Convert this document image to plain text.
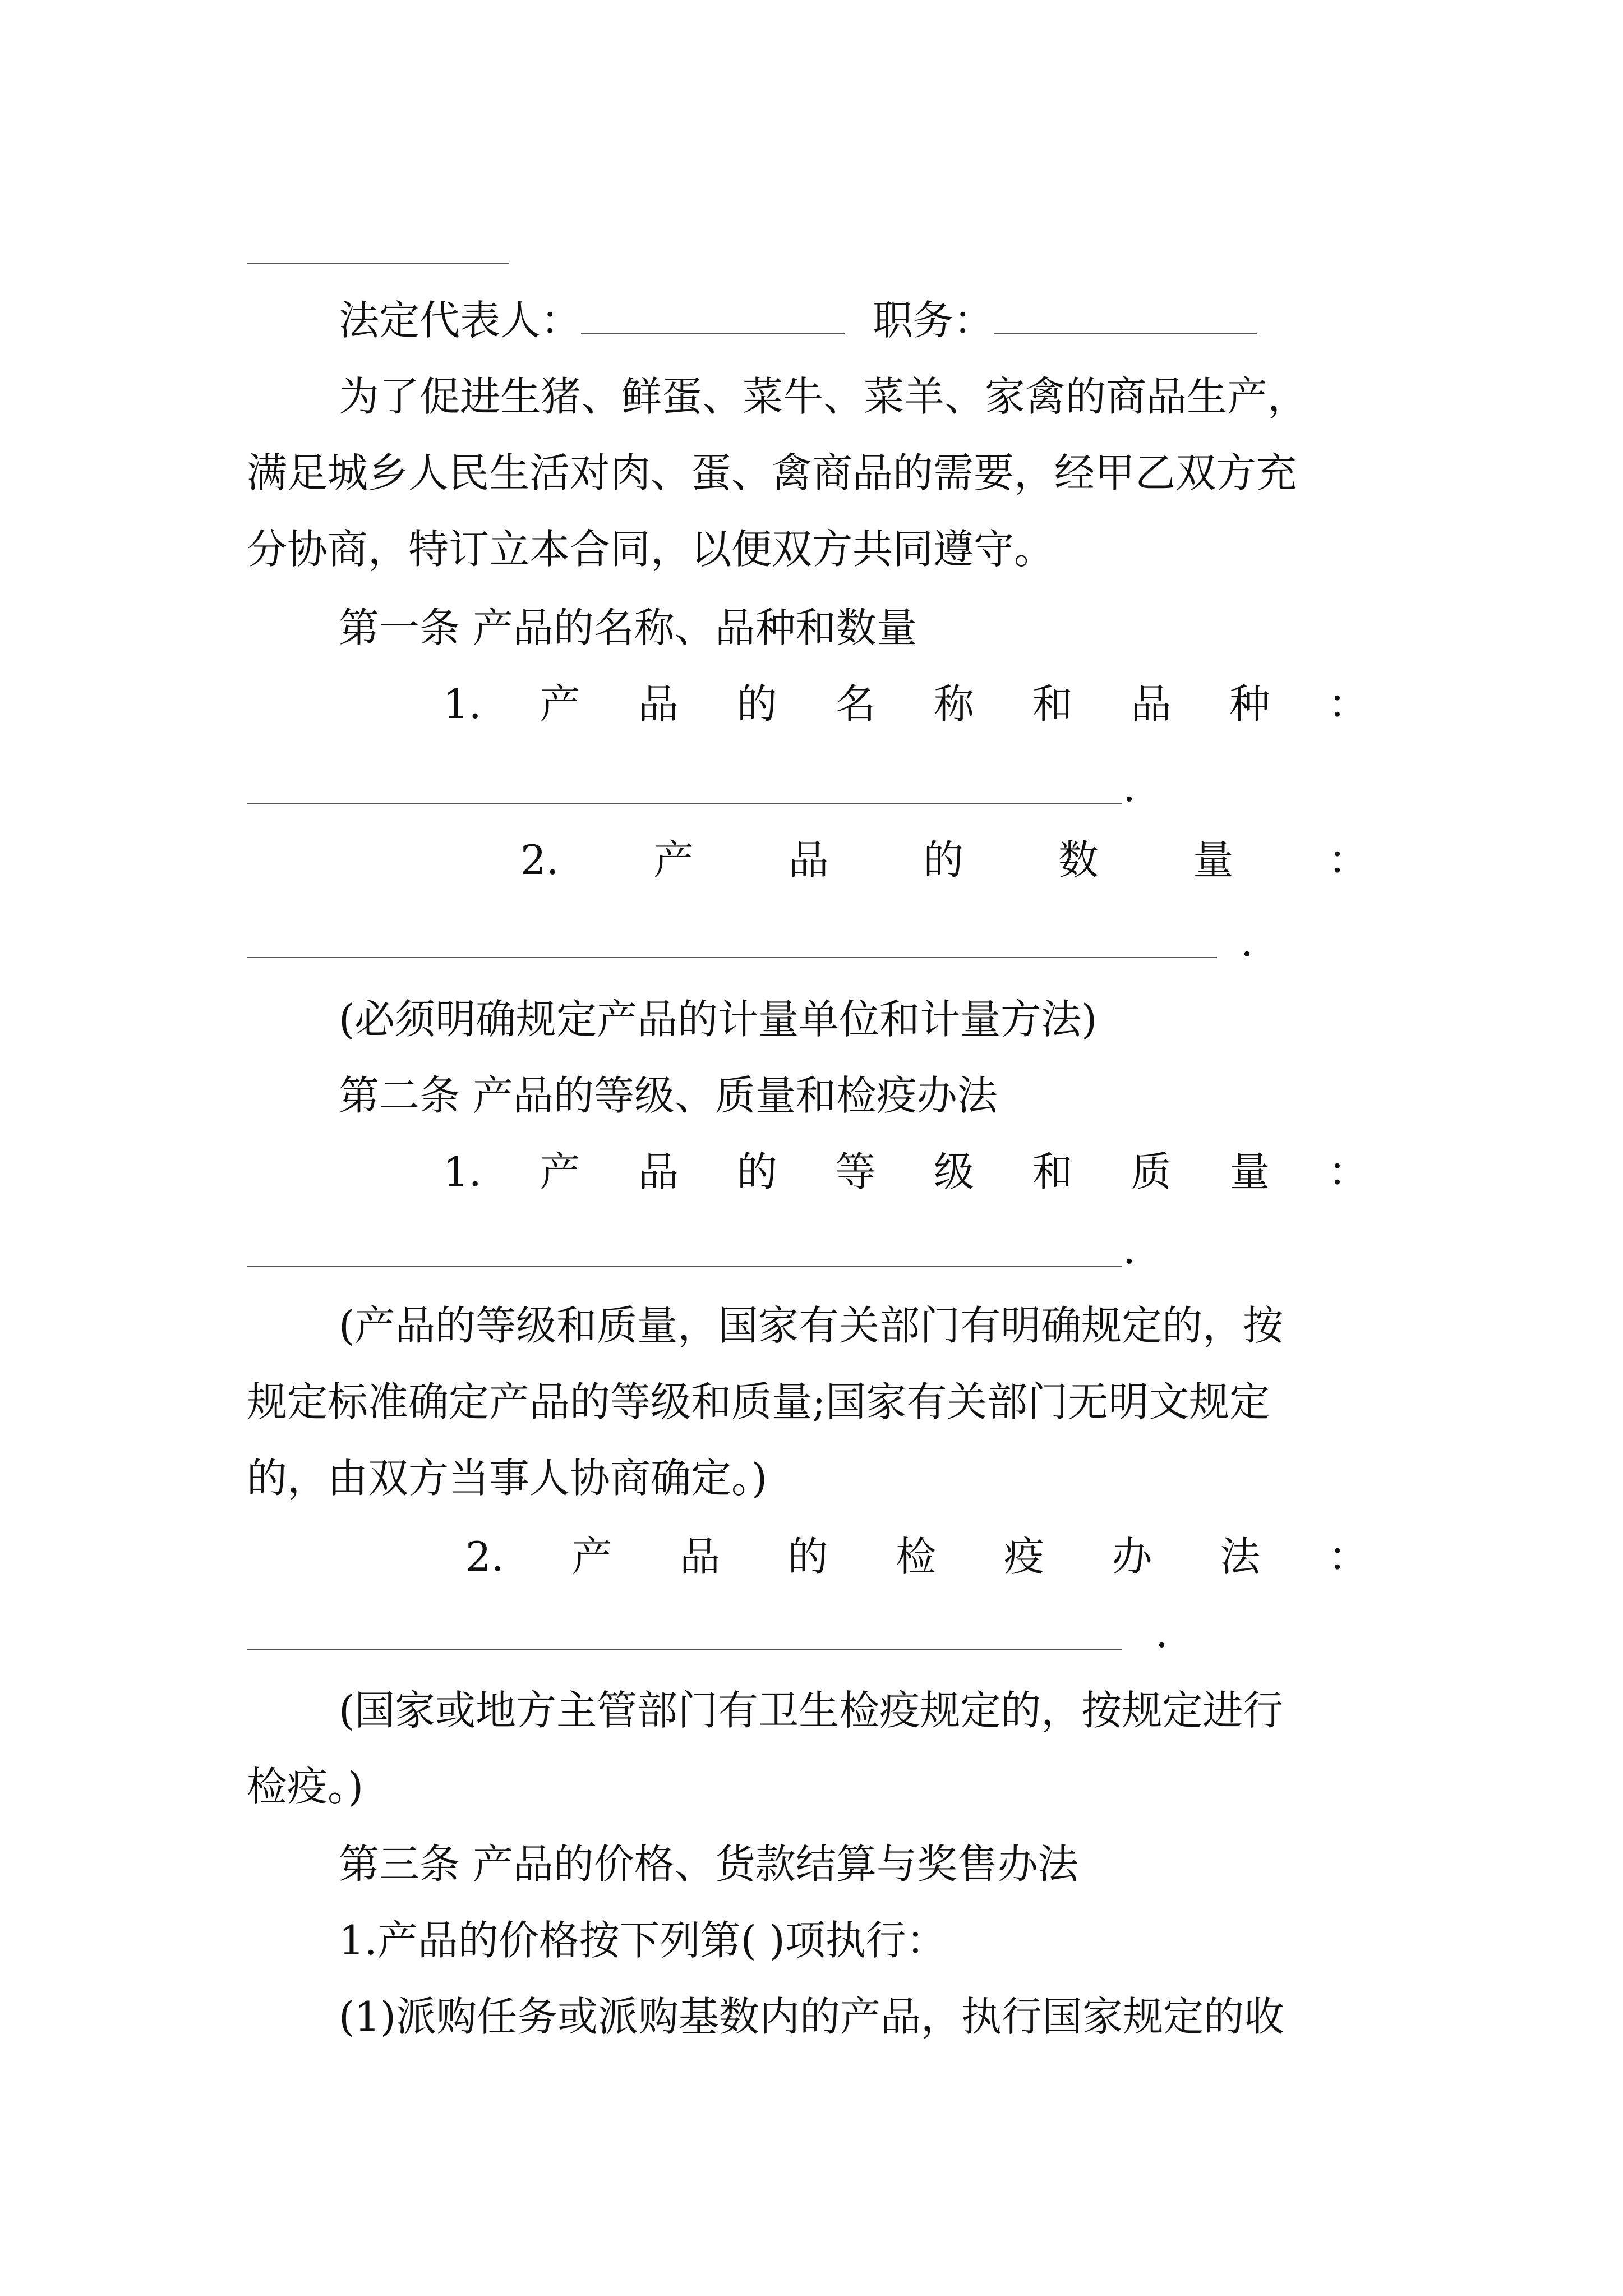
法定代表人：	职务：
为了促进生猪、鲜蛋、菜牛、菜羊、家禽的商品生产，
满足城乡人民生活对肉、蛋、禽商品的需要，经甲乙双方充
分协商，特订立本合同，以便双方共同遵守。
第一条 产品的名称、品种和数量
1. 产 品 的 名 称 和 品 种 ：
.
2. 产 品 的 数 量 ：
.
(必须明确规定产品的计量单位和计量方法)
第二条 产品的等级、质量和检疫办法
1. 产 品 的 等 级 和 质 量 ：
.
(产品的等级和质量，国家有关部门有明确规定的，按
规定标准确定产品的等级和质量;国家有关部门无明文规定
的，由双方当事人协商确定。)
2. 产 品 的 检 疫 办 法 ：
.
(国家或地方主管部门有卫生检疫规定的，按规定进行
检疫。)
第三条 产品的价格、货款结算与奖售办法
1.产品的价格按下列第( )项执行：
(1)派购任务或派购基数内的产品，执行国家规定的收
